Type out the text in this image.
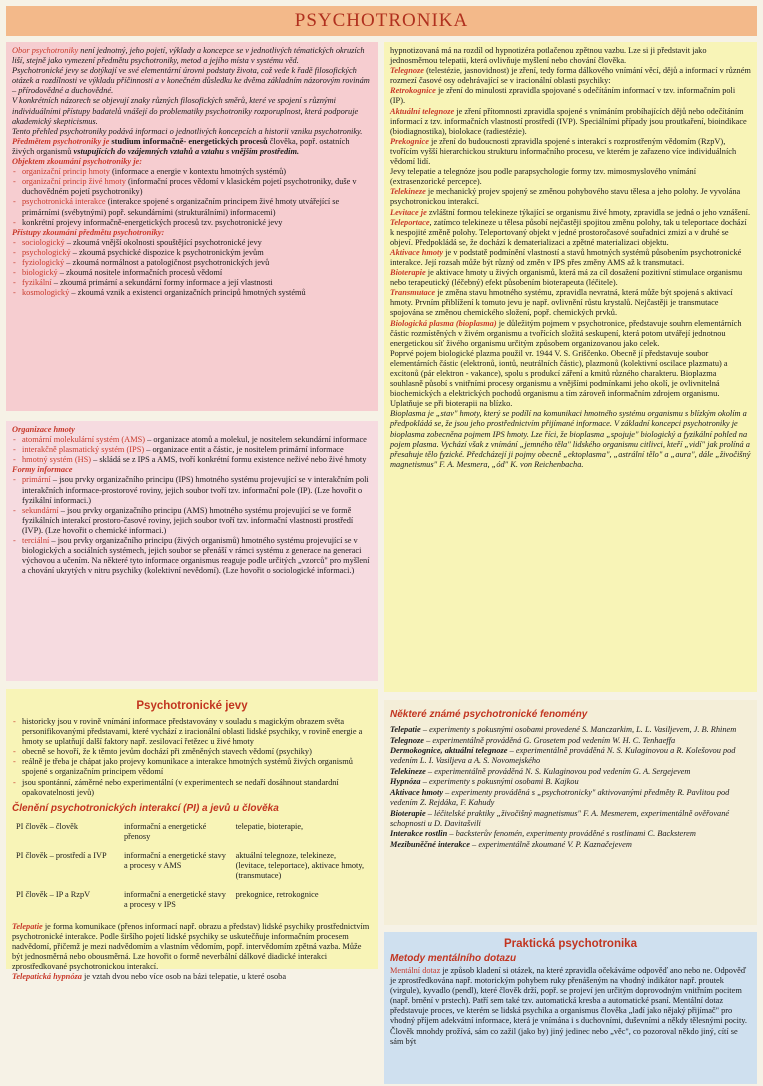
PSYCHOTRONIKA

Obor psychotroniky není jednotný, jeho pojetí, výklady a koncepce se v jednotlivých tématických okruzích liší, stejně jako vymezení předmětu psychotroniky, metod a jejího místa v systému věd.

Psychotronické jevy se dotýkají ve své elementární úrovni podstaty života, což vede k řadě filosofických otázek a rozdílnosti ve výkladu příčinnosti a v konečném důsledku ke dvěma základním názorovým rovinám – přírodovědné a duchovědné.

V konkrétních názorech se objevují znaky různých filosofických směrů, které ve spojení s různými individuálními přístupy badatelů vnášejí do problematiky psychotroniky rozporuplnost, která podporuje akademický skepticismus.

Tento přehled psychotroniky podává informaci o jednotlivých koncepcích a historii vzniku psychotroniky.

Předmětem psychotroniky je studium informačně- energetických procesů člověka, popř. ostatních živých organismů vstupujících do vzájemných vztahů a vztahu s vnějším prostředím.

Objektem zkoumání psychotroniky je:

- organizační princip hmoty (informace a energie v kontextu hmotných systémů)
- organizační princip živé hmoty (informační proces vědomí v klasickém pojetí psychotroniky, duše v duchovědném pojetí psychotroniky)
- psychotronická interakce (interakce spojené s organizačním principem živé hmoty utvářející se primárními (svébytnými) popř. sekundárními (strukturálními) informacemi)
- konkrétní projevy informačně-energetických procesů tzv. psychotronické jevy

Přístupy zkoumání předmětu psychotroniky:

- sociologický – zkoumá vnější okolnosti spouštějící psychotronické jevy
- psychologický – zkoumá psychické dispozice k psychotronickým jevům
- fyziologický – zkoumá normálnost a patologičnost psychotronických jevů
- biologický – zkoumá nositele informačních procesů vědomí
- fyzikální – zkoumá primární a sekundární formy informace a její vlastnosti
- kosmologický – zkoumá vznik a existenci organizačních principů hmotných systémů

Organizace hmoty

- atomární molekulární systém (AMS) – organizace atomů a molekul, je nositelem sekundární informace
- interakčně plasmatický systém (IPS) – organizace entit a částic, je nositelem primární informace
- hmotný systém (HS) – skládá se z IPS a AMS, tvoří konkrétní formu existence neživé nebo živé hmoty

Formy informace

- primární – jsou prvky organizačního principu (IPS) hmotného systému projevující se v interakčním poli interakčních informace-prostorové roviny, jejich soubor tvoří tzv. informační pole (IP). (Lze hovořit o fyzikální informaci.)
- sekundární – jsou prvky organizačního principu (AMS) hmotného systému projevující se ve formě fyzikálních interakcí prostoro-časové roviny, jejich soubor tvoří tzv. informační vlastnosti prostředí (IVP). (Lze hovořit o chemické informaci.)
- terciální – jsou prvky organizačního principu (živých organismů) hmotného systému projevující se v biologických a sociálních systémech, jejich soubor se přenáší v rámci systému z generace na generaci výchovou a učením. Na některé tyto informace organismus reaguje podle určitých „vzorců" pro myšlení a chování ukrytých v nitru psychiky (kolektivní nevědomí). (Lze hovořit o sociologické informaci.)
Psychotronické jevy
- historicky jsou v rovině vnímání informace představovány v souladu s magickým obrazem světa personifikovanými představami, které vychází z iracionální oblasti lidské psychiky, v rovině energie a hmoty se uplatňují další faktory např. zesilovací řetězec u živé hmoty
- obecně se hovoří, že k těmto jevům dochází při změněných stavech vědomí (psychiky)
- reálně je třeba je chápat jako projevy komunikace a interakce hmotných systémů živých organismů spojené s organizačním principem vědomí
- jsou spontánní, záměrné nebo experimentální (v experimentech se nedaří dosáhnout standardní opakovatelnosti jevů)
Členění psychotronických interakcí (PI) a jevů u člověka
PI člověk – člověk	informační a energetické přenosy	telepatie, bioterapie,
PI člověk – prostředí a IVP	informační a energetické stavy a procesy v AMS	aktuální telegnoze, telekineze, (levitace, teleportace), aktivace hmoty, (transmutace)
PI člověk – IP a RzpV	informační a energetické stavy a procesy v IPS	prekognice, retrokognice

Telepatie je forma komunikace (přenos informací např. obrazu a představ) lidské psychiky prostřednictvím psychotronické interakce. Podle širšího pojetí lidské psychiky se uskutečňuje informačním procesem nadvědomí, přičemž je mezi nadvědomím a vlastním vědomím, popř. intervědomím zpětná vazba. Může být jednosměrná nebo obousměrná. Lze hovořit o formě neverbální dálkové diadické interakci zprostředkované psychotronickou interakcí.

Telepatická hypnóza je vztah dvou nebo více osob na bázi telepatie, u které osoba

hypnotizovaná má na rozdíl od hypnotizéra potlačenou zpětnou vazbu. Lze si ji představit jako jednosměrnou telepatii, která ovlivňuje myšlení nebo chování člověka.

Telegnoze (telestézie, jasnovidnost) je zření, tedy forma dálkového vnímání věcí, dějů a informací v různém rozmezí časové osy odehrávající se v iracionální oblasti psychiky:

Retrokognice je zření do minulosti zpravidla spojované s odečítáním informací v tzv. informačním poli (IP).

Aktuální telegnoze je zření přítomnosti zpravidla spojené s vnímáním probíhajících dějů nebo odečítáním informací z tzv. informačních vlastností prostředí (IVP). Speciálními případy jsou proutkaření, bioindikace (biodiagnostika), biolokace (radiestézie).

Prekognice je zření do budoucnosti zpravidla spojené s interakcí s rozprostřeným vědomím (RzpV), tvořícím vyšší hierarchickou strukturu informačního procesu, ve kterém je zařazeno více individuálních vědomí lidí.

Jevy telepatie a telegnóze jsou podle parapsychologie formy tzv. mimosmyslového vnímání (extrasenzorické percepce).

Telekineze je mechanický projev spojený se změnou pohybového stavu tělesa a jeho polohy. Je vyvolána psychotronickou interakcí.

Levitace je zvláštní formou telekineze týkající se organismu živé hmoty, zpravidla se jedná o jeho vznášení.

Teleportace, zatímco telekineze u tělesa působí nejčastěji spojitou změnu polohy, tak u teleportace dochází k nespojité změně polohy. Teleportovaný objekt v jedné prostoročasové souřadnici zmizí a v druhé se objeví. Předpokládá se, že dochází k dematerializaci a zpětné materializaci objektu.

Aktivace hmoty je v podstatě podmínění vlastností a stavů hmotných systémů působením psychotronické interakce. Její rozsah může být různý od změn v IPS přes změny AMS až k transmutaci.

Bioterapie je aktivace hmoty u živých organismů, která má za cíl dosažení pozitivní stimulace organismu nebo terapeutický (léčebný) efekt působením bioterapeuta (léčitele).

Transmutace je změna stavu hmotného systému, zpravidla nevratná, která může být spojená s aktivací hmoty. Prvním přiblížení k tomuto jevu je např. ovlivnění růstu krystalů. Nejčastěji je transmutace spojována se změnou chemického složení, popř. chemických prvků.

Biologická plasma (bioplasma) je důležitým pojmem v psychotronice, představuje souhrn elementárních částic rozmístěných v živém organismu a tvořících složitá seskupení, která potom utvářejí jednotnou energetickou síť živého organismu určitým způsobem organizovanou jako celek.

Poprvé pojem biologické plazma použil vr. 1944 V. S. Griščenko. Obecně jí představuje soubor elementárních částic (elektronů, iontů, neutrálních částic), plazmonů (kolektivní oscilace plazmatu) a excitonů (pár elektron - vakance), spolu s produkcí záření a kmitů různého charakteru. Bioplazma souhlasně působí s vnitřními procesy organismu a vnějšími podmínkami jeho okolí, je ovlivnitelná biochemických a elektrických pochodů organismu a tím zároveň informačním zdrojem organismu. Uplatňuje se při bioterapii na blízko.

Bioplasma je „stav" hmoty, který se podílí na komunikaci hmotného systému organismu s blízkým okolím a předpokládá se, že jsou jeho prostřednictvím přijímané informace. V základní koncepci psychotroniky je bioplasma zobecněna pojmem IPS hmoty. Lze říci, že bioplasma „spojuje" biologický a fyzikální pohled na pojem plasma. Vychází však z vnímání „jemného těla" lidského organismu citlivci, kteří „vidí" jak prolíná a přesahuje tělo fyzické. Předcházejí ji pojmy obecně „ektoplasma", „astrální tělo" a „aura", dále „živočišný magnetismus" F. A. Mesmera, „ód" K. von Reichenbacha.

Některé známé psychotronické fenomény

Telepatie – experimenty s pokusnými osobami provedené S. Manczarkim, L. L. Vasiljevem, J. B. Rhinem

Telegnoze – experimentálně prováděná G. Grosetem pod vedením W. H. C. Tenhaeffa

Dermokognice, aktuální telegnoze – experimentálně prováděná N. S. Kulaginovou a R. Kolešovou pod vedením L. I. Vasiljeva a A. S. Novomejského

Telekineze – experimentálně prováděná N. S. Kulaginovou pod vedením G. A. Sergejevem

Hypnóza – experimenty s pokusnými osobami B. Kajkou

Aktivace hmoty – experimenty prováděná s „psychotronicky" aktivovanými předměty R. Pavlitou pod vedením Z. Rejdáka, F. Kahudy

Bioterapie – léčitelské praktiky „živočišný magnetismus" F. A. Mesmerem, experimentálně ověřované schopnosti u D. Davitašvili

Interakce rostlin – backsterův fenomén, experimenty prováděné s rostlinami C. Backsterem

Mezibuněčné interakce – experimentálně zkoumané V. P. Kaznačejevem

Praktická psychotronika
Metody mentálního dotazu

Mentální dotaz je způsob kladení si otázek, na které zpravidla očekáváme odpověď ano nebo ne. Odpověď je zprostředkována např. motorickým pohybem ruky přenášeným na vhodný indikátor např. proutek (virgule), kyvadlo (pendl), které člověk drží, popř. se projeví jen určitým doprovodným vnitřním pocitem (např. brnění v prstech). Patří sem také tzv. automatická kresba a automatické psaní. Mentální dotaz představuje proces, ve kterém se lidská psychika a organismus člověka „lađí jako nějaký přijímač" pro vhodný příjem adekvátní informace, která je vnímána i s duchovními, duševními a někdy tělesnými pocity. Člověk mnohdy prožívá, sám co zažil (jako by) jiný jedinec nebo „věc", co pozoroval někdo jiný, cítí se sám být
